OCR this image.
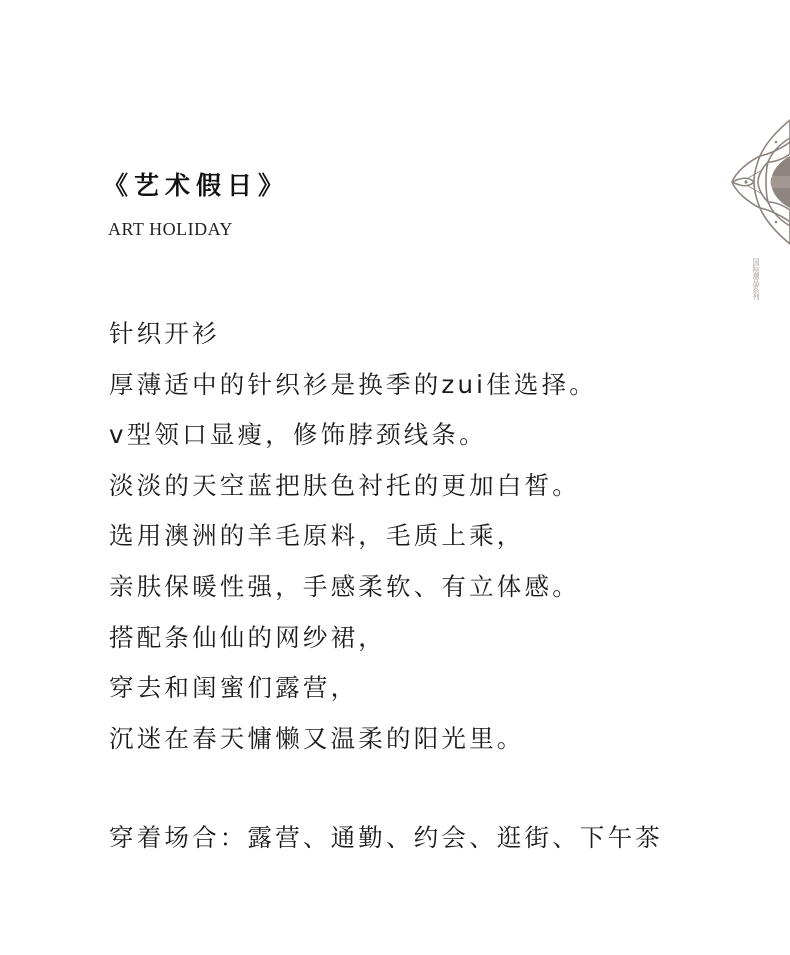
《艺术假日》
ART HOLIDAY
针织开衫
厚薄适中的针织衫是换季的zui佳选择。
v型领口显瘦，修饰脖颈线条。
淡淡的天空蓝把肤色衬托的更加白皙。
选用澳洲的羊毛原料，毛质上乘，
亲肤保暖性强，手感柔软、有立体感。
搭配条仙仙的网纱裙，
穿去和闺蜜们露营，
沉迷在春天慵懒又温柔的阳光里。
穿着场合：露营、通勤、约会、逛街、下午茶
国际潮品系列
